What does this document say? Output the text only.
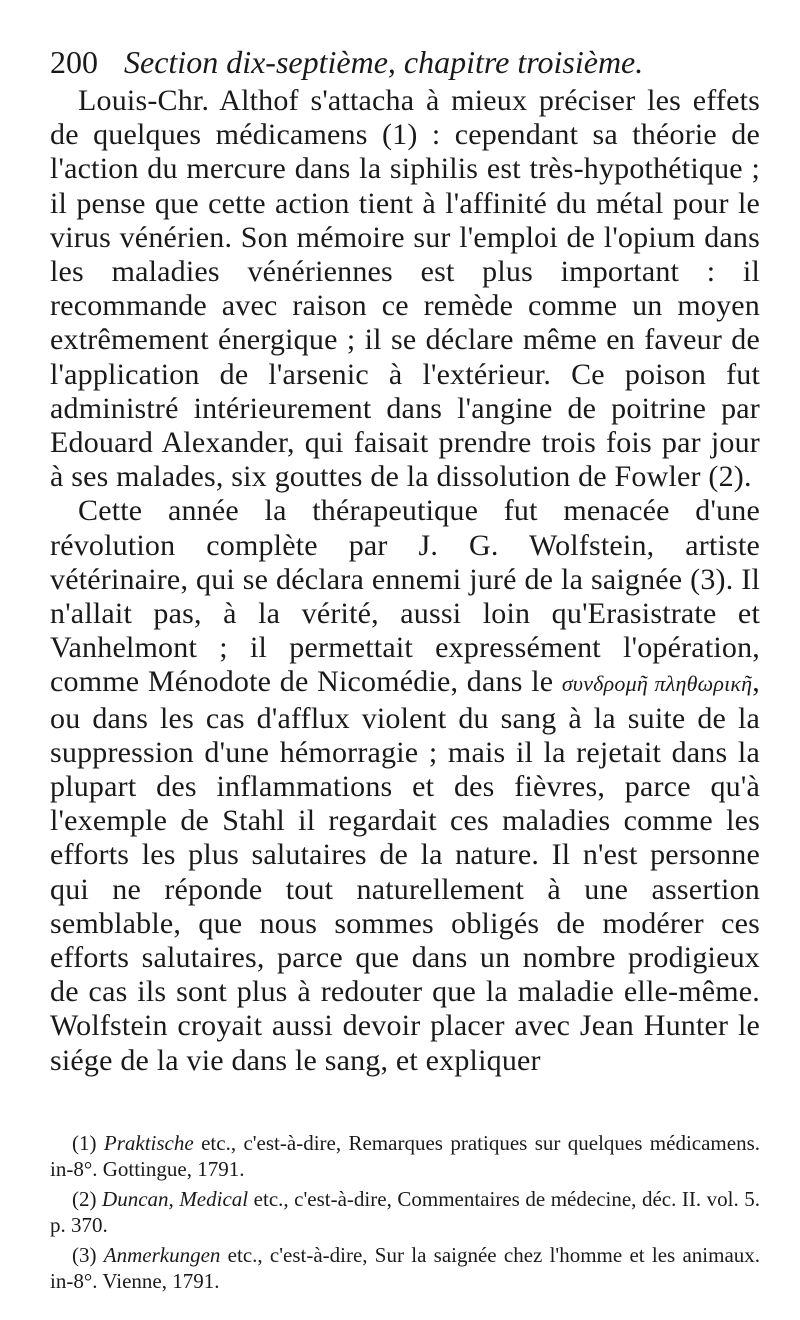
200 Section dix-septième, chapitre troisième.

Louis-Chr. Althof s'attacha à mieux préciser les effets de quelques médicamens (1) : cependant sa théorie de l'action du mercure dans la siphilis est très-hypothétique ; il pense que cette action tient à l'affinité du métal pour le virus vénérien. Son mémoire sur l'emploi de l'opium dans les maladies vénériennes est plus important : il recommande avec raison ce remède comme un moyen extrêmement énergique ; il se déclare même en faveur de l'application de l'arsenic à l'extérieur. Ce poison fut administré intérieurement dans l'angine de poitrine par Edouard Alexander, qui faisait prendre trois fois par jour à ses malades, six gouttes de la dissolution de Fowler (2).

Cette année la thérapeutique fut menacée d'une révolution complète par J. G. Wolfstein, artiste vétérinaire, qui se déclara ennemi juré de la saignée (3). Il n'allait pas, à la vérité, aussi loin qu'Erasistrate et Vanhelmont ; il permettait expressément l'opération, comme Ménodote de Nicomédie, dans le συνδρομῆ πληθωρικῆ, ou dans les cas d'afflux violent du sang à la suite de la suppression d'une hémorragie ; mais il la rejetait dans la plupart des inflammations et des fièvres, parce qu'à l'exemple de Stahl il regardait ces maladies comme les efforts les plus salutaires de la nature. Il n'est personne qui ne réponde tout naturellement à une assertion semblable, que nous sommes obligés de modérer ces efforts salutaires, parce que dans un nombre prodigieux de cas ils sont plus à redouter que la maladie elle-même. Wolfstein croyait aussi devoir placer avec Jean Hunter le siége de la vie dans le sang, et expliquer

(1) Praktische etc., c'est-à-dire, Remarques pratiques sur quelques médicamens. in-8°. Gottingue, 1791.

(2) Duncan, Medical etc., c'est-à-dire, Commentaires de médecine, déc. II. vol. 5. p. 370.

(3) Anmerkungen etc., c'est-à-dire, Sur la saignée chez l'homme et les animaux. in-8°. Vienne, 1791.
